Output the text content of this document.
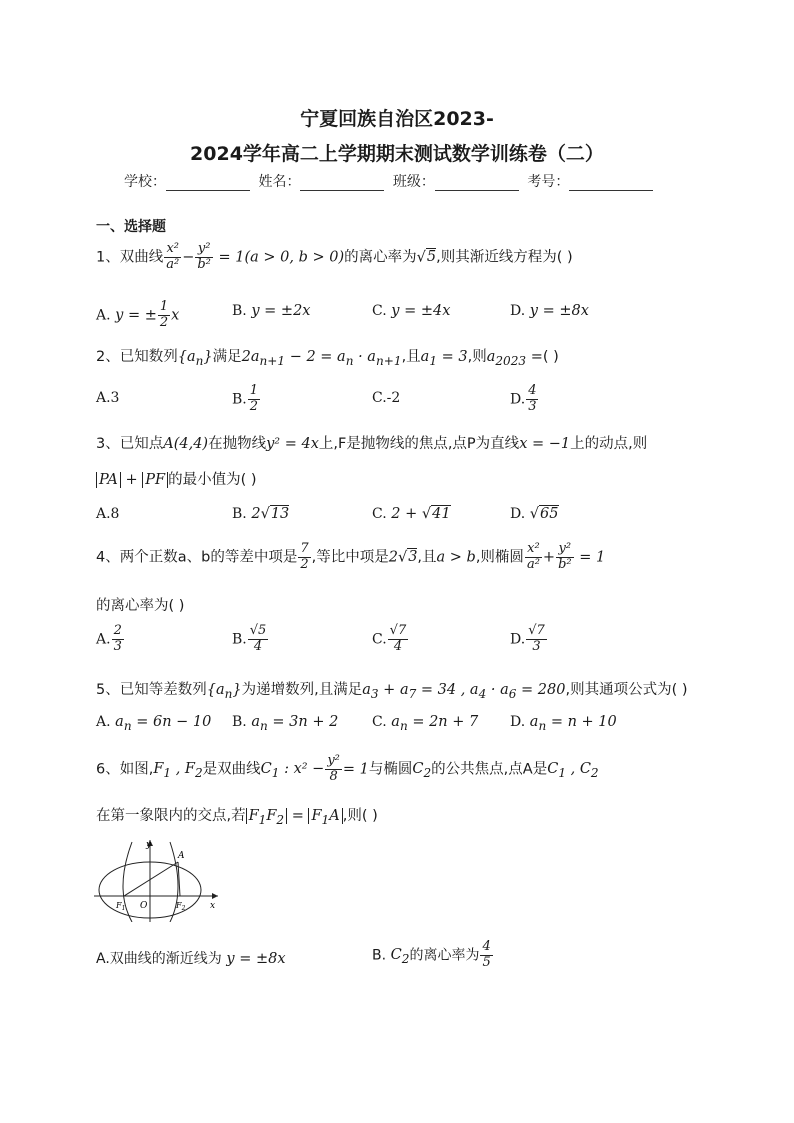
宁夏回族自治区2023-
2024学年高二上学期期末测试数学训练卷（二）
学校：	姓名：	班级：	考号：
一、选择题
1、双曲线 $\frac{\text{x²}}{\text{a²}} - \frac{\text{y²}}{\text{b²}} = 1(a > 0$, b > 0)的离心率为√5,则其渐近线方程为( )
A. y = ± $\frac{1}{2}$ x	B. y = ±2x	C. y = ±4x	D. y = ±8x
2、已知数列$\{a_n\}$满足$2a_{n+1} - 2 = a_n \cdot a_{n+1}$,且$a_1 = 3$,则$a_{2023}$ =( )
A.3	B. $\frac{1}{2}$	C.-2	D. $\frac{4}{3}$
3、已知点A(4,4)在抛物线y² = 4x上,F是抛物线的焦点,点P为直线x = −1上的动点,则
PA + PF 的最小值为( )
A.8	B. 2√13	C. 2 + √41	D. √65
4、两个正数a、b的等差中项是 $\frac{7}{2}$ ,等比中项是2√3,且a > b,则椭圆 $\frac{\text{x²}}{\text{a²}} + \frac{\text{y²}}{\text{b²}} = 1$
的离心率为( )
A. $\frac{2}{3}$	B. $\frac{√5}{4}$	C. $\frac{√7}{4}$	D. $\frac{√7}{3}$
5、已知等差数列$\{a_n\}$为递增数列,且满足$a_3 + a_7 = 34$ , $a_4 \cdot a_6 = 280$,则其通项公式为( )
A. $a_n = 6n - 10$ B. $a_n = 3n + 2$ C. $a_n = 2n + 7$ D. $a_n = n + 10$
6、如图$,F_1$ , $F_2$是双曲线$C_1$ : $x^2 - \frac{\text{y²}}{8} = 1$与椭圆$C_2$的公共焦点,点A是$C_1$ , $C_2$
在第一象限内的交点,若 $F_1F_2 = F_1A$ ,则( )
y
x
A
O
$F_1$	$F_2$
A.双曲线的渐近线为 y = ±8x	B. $C_2$的离心率为 $\frac{4}{5}$
